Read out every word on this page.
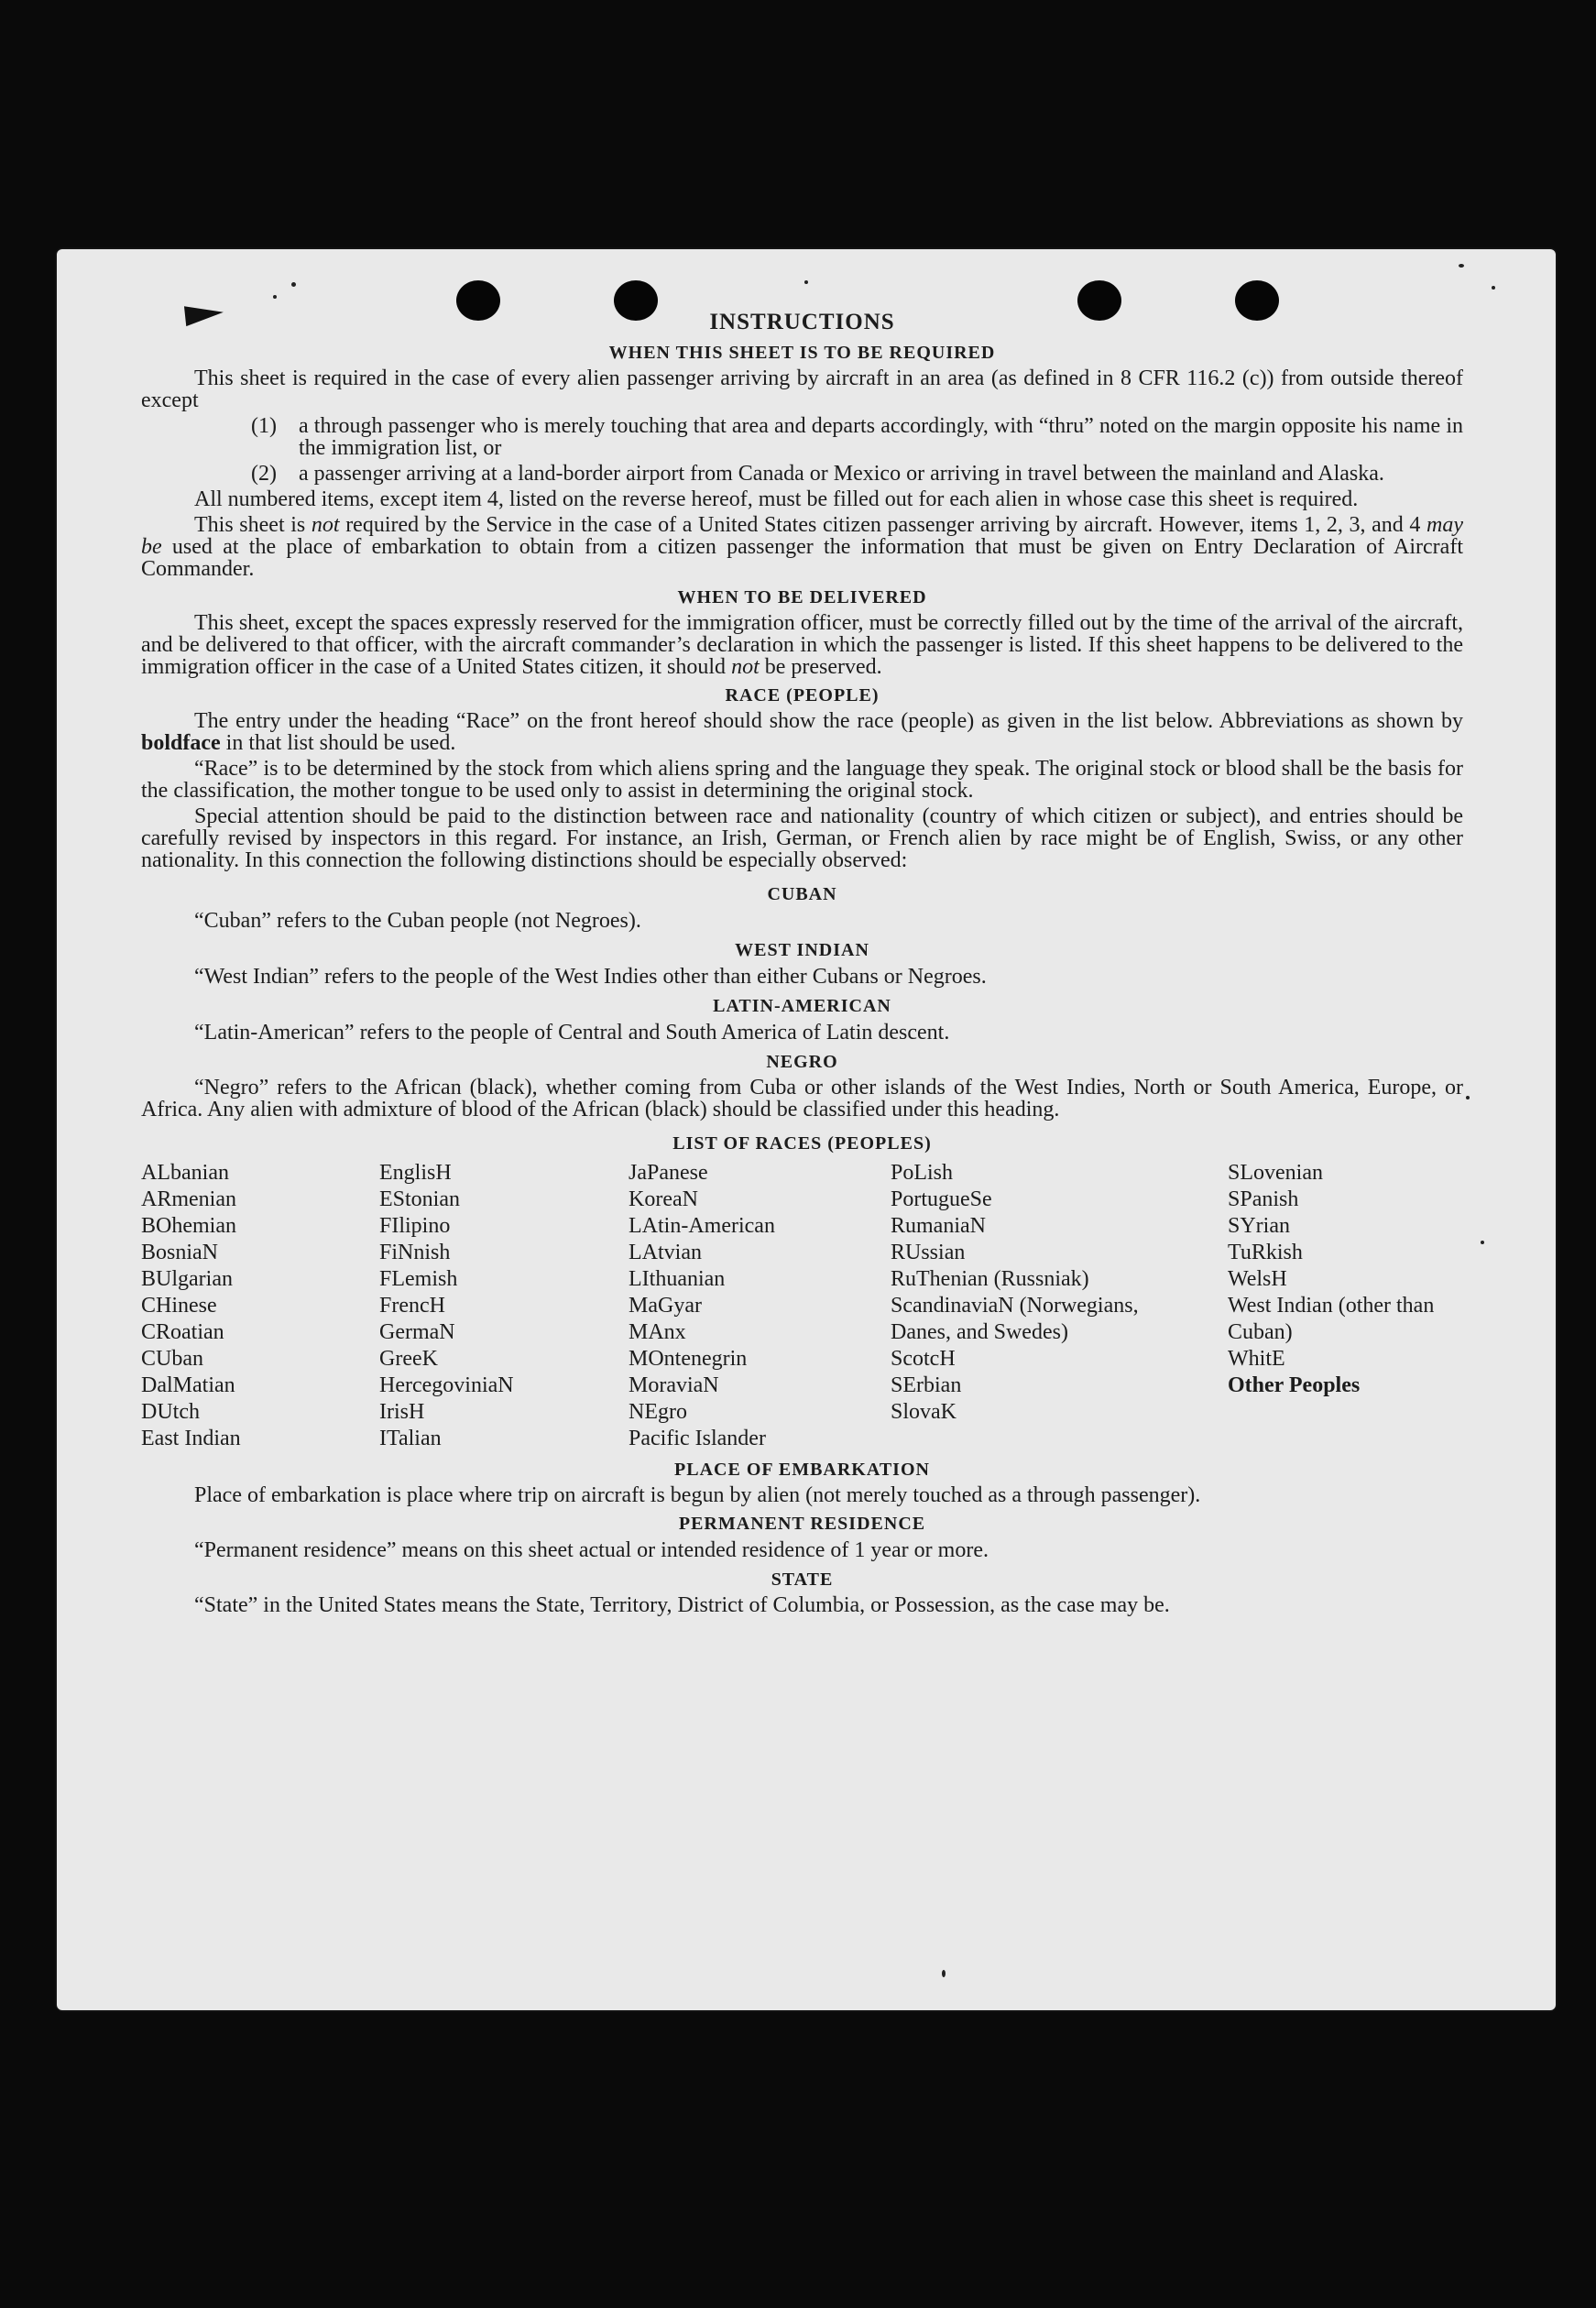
INSTRUCTIONS
WHEN THIS SHEET IS TO BE REQUIRED

This sheet is required in the case of every alien passenger arriving by aircraft in an area (as defined in 8 CFR 116.2 (c)) from outside thereof except

(1)	a through passenger who is merely touching that area and departs accordingly, with “thru” noted on the margin opposite his name in the immigration list, or
(2)	a passenger arriving at a land-border airport from Canada or Mexico or arriving in travel between the mainland and Alaska.

All numbered items, except item 4, listed on the reverse hereof, must be filled out for each alien in whose case this sheet is required.

This sheet is not required by the Service in the case of a United States citizen passenger arriving by aircraft. However, items 1, 2, 3, and 4 may be used at the place of embarkation to obtain from a citizen passenger the information that must be given on Entry Declaration of Aircraft Commander.

WHEN TO BE DELIVERED

This sheet, except the spaces expressly reserved for the immigration officer, must be correctly filled out by the time of the arrival of the aircraft, and be delivered to that officer, with the aircraft commander’s declaration in which the passenger is listed. If this sheet happens to be delivered to the immigration officer in the case of a United States citizen, it should not be preserved.

RACE (PEOPLE)

The entry under the heading “Race” on the front hereof should show the race (people) as given in the list below. Abbreviations as shown by boldface in that list should be used.

“Race” is to be determined by the stock from which aliens spring and the language they speak. The original stock or blood shall be the basis for the classification, the mother tongue to be used only to assist in determining the original stock.

Special attention should be paid to the distinction between race and nationality (country of which citizen or subject), and entries should be carefully revised by inspectors in this regard. For instance, an Irish, German, or French alien by race might be of English, Swiss, or any other nationality. In this connection the following distinctions should be especially observed:

CUBAN
“Cuban” refers to the Cuban people (not Negroes).
WEST INDIAN
“West Indian” refers to the people of the West Indies other than either Cubans or Negroes.
LATIN-AMERICAN
“Latin-American” refers to the people of Central and South America of Latin descent.
NEGRO

“Negro” refers to the African (black), whether coming from Cuba or other islands of the West Indies, North or South America, Europe, or Africa. Any alien with admixture of blood of the African (black) should be classified under this heading.

LIST OF RACES (PEOPLES)
ALbanian
ARmenian
BOhemian
BosniaN
BUlgarian
CHinese
CRoatian
CUban
DalMatian
DUtch
East Indian
EnglisH
EStonian
FIlipino
FiNnish
FLemish
FrencH
GermaN
GreeK
HercegoviniaN
IrisH
ITalian
JaPanese
KoreaN
LAtin-American
LAtvian
LIthuanian
MaGyar
MAnx
MOntenegrin
MoraviaN
NEgro
Pacific Islander
PoLish
PortugueSe
RumaniaN
RUssian
RuThenian (Russniak)
ScandinaviaN (Norwegians, Danes, and Swedes)
ScotcH
SErbian
SlovaK
SLovenian
SPanish
SYrian
TuRkish
WelsH
West Indian (other than Cuban)
WhitE
Other Peoples
PLACE OF EMBARKATION

Place of embarkation is place where trip on aircraft is begun by alien (not merely touched as a through passenger).

PERMANENT RESIDENCE
“Permanent residence” means on this sheet actual or intended residence of 1 year or more.
STATE

“State” in the United States means the State, Territory, District of Columbia, or Possession, as the case may be.
